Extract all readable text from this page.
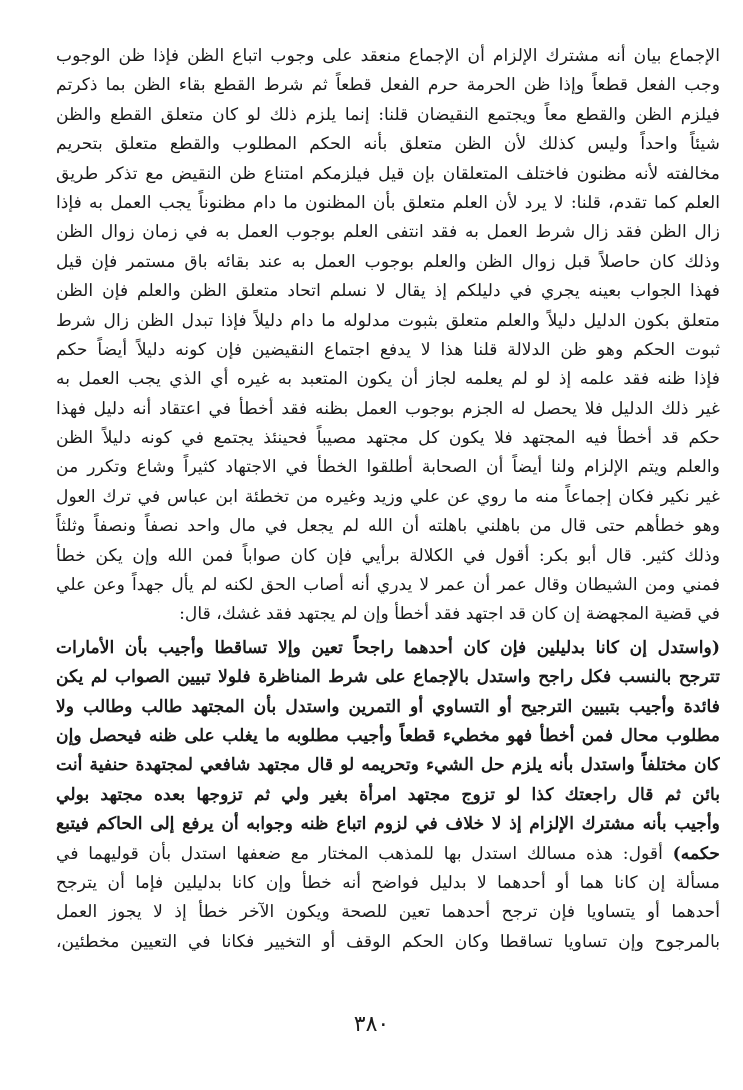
الإجماع بيان أنه مشترك الإلزام أن الإجماع منعقد على وجوب اتباع الظن فإذا ظن الوجوب
وجب الفعل قطعاً وإذا ظن الحرمة حرم الفعل قطعاً ثم شرط القطع بقاء الظن بما ذكرتم
فيلزم الظن والقطع معاً ويجتمع النقيضان قلنا: إنما يلزم ذلك لو كان متعلق القطع والظن
شيئاً واحداً وليس كذلك لأن الظن متعلق بأنه الحكم المطلوب والقطع متعلق بتحريم
مخالفته لأنه مظنون فاختلف المتعلقان بإن قيل فيلزمكم امتناع ظن النقيض مع تذكر طريق
العلم كما تقدم، قلنا: لا يرد لأن العلم متعلق بأن المظنون ما دام مظنوناً يجب العمل به فإذا
زال الظن فقد زال شرط العمل به فقد انتفى العلم بوجوب العمل به في زمان زوال الظن
وذلك كان حاصلاً قبل زوال الظن والعلم بوجوب العمل به عند بقائه باق مستمر فإن قيل
فهذا الجواب بعينه يجري في دليلكم إذ يقال لا نسلم اتحاد متعلق الظن والعلم فإن الظن
متعلق بكون الدليل دليلاً والعلم متعلق بثبوت مدلوله ما دام دليلاً فإذا تبدل الظن زال شرط
ثبوت الحكم وهو ظن الدلالة قلنا هذا لا يدفع اجتماع النقيضين فإن كونه دليلاً أيضاً حكم
فإذا ظنه فقد علمه إذ لو لم يعلمه لجاز أن يكون المتعبد به غيره أي الذي يجب العمل به
غير ذلك الدليل فلا يحصل له الجزم بوجوب العمل بظنه فقد أخطأ في اعتقاد أنه دليل فهذا
حكم قد أخطأ فيه المجتهد فلا يكون كل مجتهد مصيباً فحينئذ يجتمع في كونه دليلاً الظن
والعلم ويتم الإلزام ولنا أيضاً أن الصحابة أطلقوا الخطأ في الاجتهاد كثيراً وشاع وتكرر من
غير نكير فكان إجماعاً منه ما روي عن علي وزيد وغيره من تخطئة ابن عباس في ترك العول
وهو خطأهم حتى قال من باهلني باهلته أن الله لم يجعل في مال واحد نصفاً ونصفاً وثلثاً
وذلك كثير. قال أبو بكر: أقول في الكلالة برأيي فإن كان صواباً فمن الله وإن يكن خطأ
فمني ومن الشيطان وقال عمر أن عمر لا يدري أنه أصاب الحق لكنه لم يأل جهداً وعن علي
في قضية المجهضة إن كان قد اجتهد فقد أخطأ وإن لم يجتهد فقد غشك، قال:
(واستدل إن كانا بدليلين فإن كان أحدهما راجحاً تعين وإلا تساقطا وأجيب بأن الأمارات
تترجح بالنسب فكل راجح واستدل بالإجماع على شرط المناظرة فلولا تبيين الصواب لم يكن
فائدة وأجيب بتبيين الترجيح أو التساوي أو التمرين واستدل بأن المجتهد طالب وطالب ولا
مطلوب محال فمن أخطأ فهو مخطيء قطعاً وأجيب مطلوبه ما يغلب على ظنه فيحصل وإن
كان مختلفاً واستدل بأنه يلزم حل الشيء وتحريمه لو قال مجتهد شافعي لمجتهدة حنفية أنت
بائن ثم قال راجعتك كذا لو تزوج مجتهد امرأة بغير ولي ثم تزوجها بعده مجتهد بولي
وأجيب بأنه مشترك الإلزام إذ لا خلاف في لزوم اتباع ظنه وجوابه أن يرفع إلى الحاكم فيتبع
حكمه) أقول: هذه مسالك استدل بها للمذهب المختار مع ضعفها استدل بأن قوليهما في
مسألة إن كانا هما أو أحدهما لا بدليل فواضح أنه خطأ وإن كانا بدليلين فإما أن يترجح
أحدهما أو يتساويا فإن ترجح أحدهما تعين للصحة ويكون الآخر خطأ إذ لا يجوز العمل
بالمرجوح وإن تساويا تساقطا وكان الحكم الوقف أو التخيير فكانا في التعيين مخطئين،
٣٨٠
